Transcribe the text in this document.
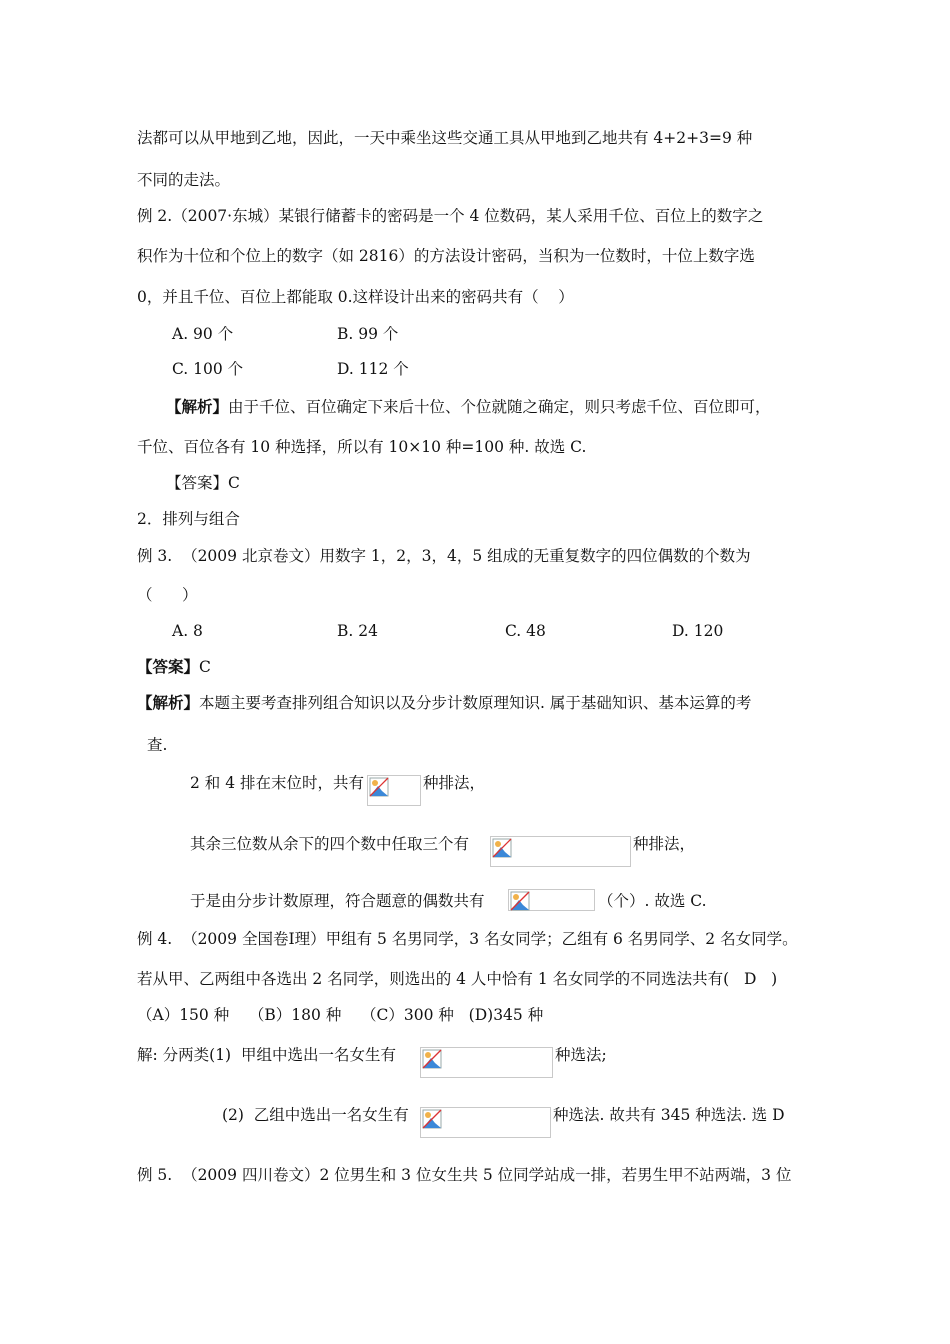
法都可以从甲地到乙地，因此，一天中乘坐这些交通工具从甲地到乙地共有 4+2+3=9 种
不同的走法。
例 2.（2007·东城）某银行储蓄卡的密码是一个 4 位数码，某人采用千位、百位上的数字之
积作为十位和个位上的数字（如 2816）的方法设计密码，当积为一位数时，十位上数字选
0，并且千位、百位上都能取 0.这样设计出来的密码共有（    ）
A. 90 个	B. 99 个
C. 100 个	D. 112 个
【解析】由于千位、百位确定下来后十位、个位就随之确定，则只考虑千位、百位即可，
千位、百位各有 10 种选择，所以有 10×10 种=100 种. 故选 C.
【答案】C
2．排列与组合
例 3.  （2009 北京卷文）用数字 1，2，3，4，5 组成的无重复数字的四位偶数的个数为
（      ）
A. 8	B. 24	C. 48	D. 120
【答案】C
【解析】本题主要考查排列组合知识以及分步计数原理知识. 属于基础知识、基本运算的考
查.
2 和 4 排在末位时，共有	种排法，
其余三位数从余下的四个数中任取三个有	种排法，
于是由分步计数原理，符合题意的偶数共有	（个）. 故选 C.
例 4.  （2009 全国卷Ⅰ理）甲组有 5 名男同学，3 名女同学；乙组有 6 名男同学、2 名女同学。
若从甲、乙两组中各选出 2 名同学，则选出的 4 人中恰有 1 名女同学的不同选法共有(   D   )
（A）150 种    （B）180 种    （C）300 种   (D)345 种
解: 分两类(1)  甲组中选出一名女生有	种选法;
(2)  乙组中选出一名女生有	种选法. 故共有 345 种选法. 选 D
例 5.  （2009 四川卷文）2 位男生和 3 位女生共 5 位同学站成一排，若男生甲不站两端，3 位
